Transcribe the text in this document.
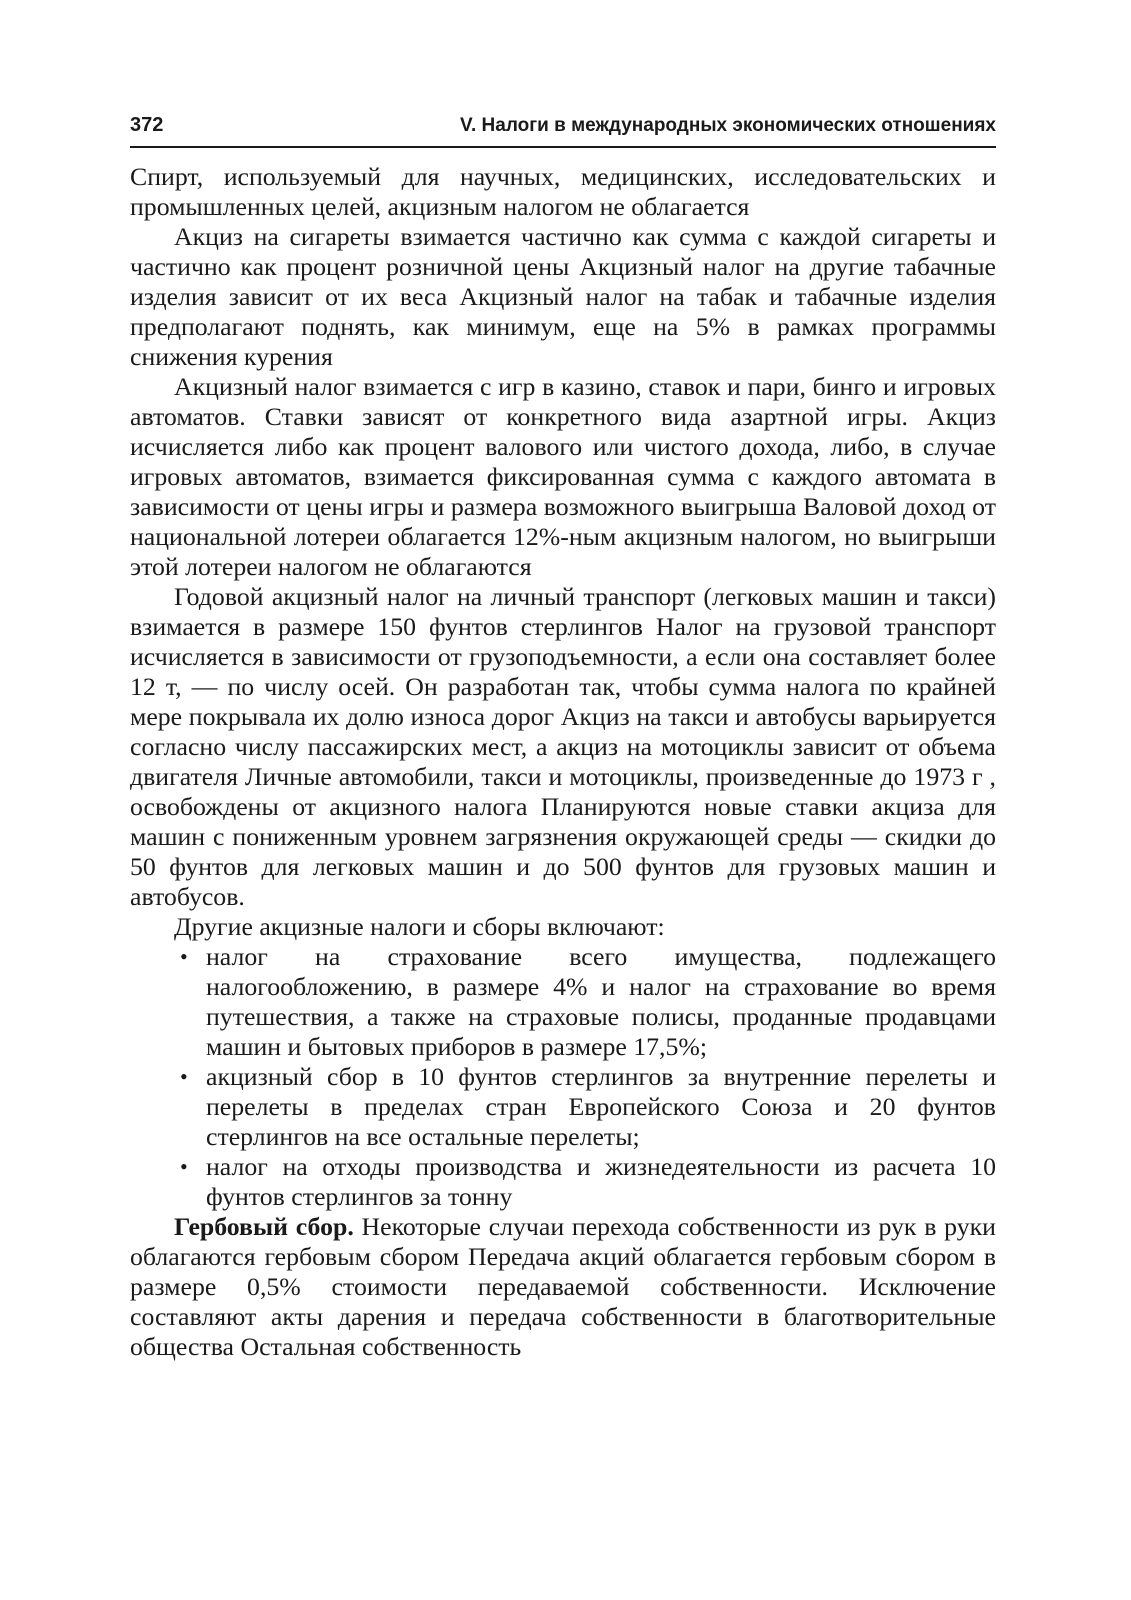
372	V. Налоги в международных экономических отношениях

Спирт, используемый для научных, медицинских, исследовательских и промышленных целей, акцизным налогом не облагается

Акциз на сигареты взимается частично как сумма с каждой сигареты и частично как процент розничной цены Акцизный налог на другие табачные изделия зависит от их веса Акцизный налог на табак и табачные изделия предполагают поднять, как минимум, еще на 5% в рамках программы снижения курения

Акцизный налог взимается с игр в казино, ставок и пари, бинго и игровых автоматов. Ставки зависят от конкретного вида азартной игры. Акциз исчисляется либо как процент валового или чистого дохода, либо, в случае игровых автоматов, взимается фиксированная сумма с каждого автомата в зависимости от цены игры и размера возможного выигрыша Валовой доход от национальной лотереи облагается 12%-ным акцизным налогом, но выигрыши этой лотереи налогом не облагаются

Годовой акцизный налог на личный транспорт (легковых машин и такси) взимается в размере 150 фунтов стерлингов Налог на грузовой транспорт исчисляется в зависимости от грузоподъемности, а если она составляет более 12 т, — по числу осей. Он разработан так, чтобы сумма налога по крайней мере покрывала их долю износа дорог Акциз на такси и автобусы варьируется согласно числу пассажирских мест, а акциз на мотоциклы зависит от объема двигателя Личные автомобили, такси и мотоциклы, произведенные до 1973 г , освобождены от акцизного налога Планируются новые ставки акциза для машин с пониженным уровнем загрязнения окружающей среды — скидки до 50 фунтов для легковых машин и до 500 фунтов для грузовых машин и автобусов.

Другие акцизные налоги и сборы включают:

• налог на страхование всего имущества, подлежащего налогообложению, в размере 4% и налог на страхование во время путешествия, а также на страховые полисы, проданные продавцами машин и бытовых приборов в размере 17,5%;
• акцизный сбор в 10 фунтов стерлингов за внутренние перелеты и перелеты в пределах стран Европейского Союза и 20 фунтов стерлингов на все остальные перелеты;
• налог на отходы производства и жизнедеятельности из расчета 10 фунтов стерлингов за тонну

Гербовый сбор. Некоторые случаи перехода собственности из рук в руки облагаются гербовым сбором Передача акций облагается гербовым сбором в размере 0,5% стоимости передаваемой собственности. Исключение составляют акты дарения и передача собственности в благотворительные общества Остальная собственность
